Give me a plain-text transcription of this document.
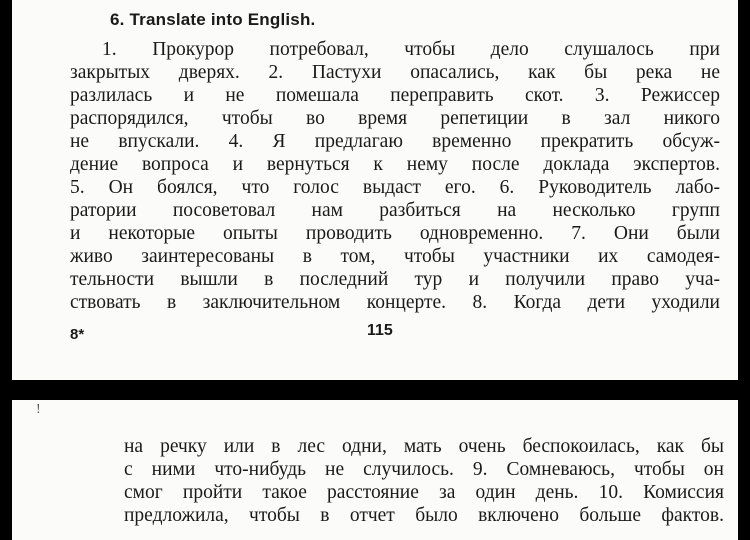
6. Translate into English.
1. Прокурор потребовал, чтобы дело слушалось при
закрытых дверях. 2. Пастухи опасались, как бы река не
разлилась и не помешала переправить скот. 3. Режиссер
распорядился, чтобы во время репетиции в зал никого
не впускали. 4. Я предлагаю временно прекратить обсуж-
дение вопроса и вернуться к нему после доклада экспертов.
5. Он боялся, что голос выдаст его. 6. Руководитель лабо-
ратории посоветовал нам разбиться на несколько групп
и некоторые опыты проводить одновременно. 7. Они были
живо заинтересованы в том, чтобы участники их самодея-
тельности вышли в последний тур и получили право уча-
ствовать в заключительном концерте. 8. Когда дети уходили
8*	115
!
на речку или в лес одни, мать очень беспокоилась, как бы
с ними что-нибудь не случилось. 9. Сомневаюсь, чтобы он
смог пройти такое расстояние за один день. 10. Комиссия
предложила, чтобы в отчет было включено больше фактов.
